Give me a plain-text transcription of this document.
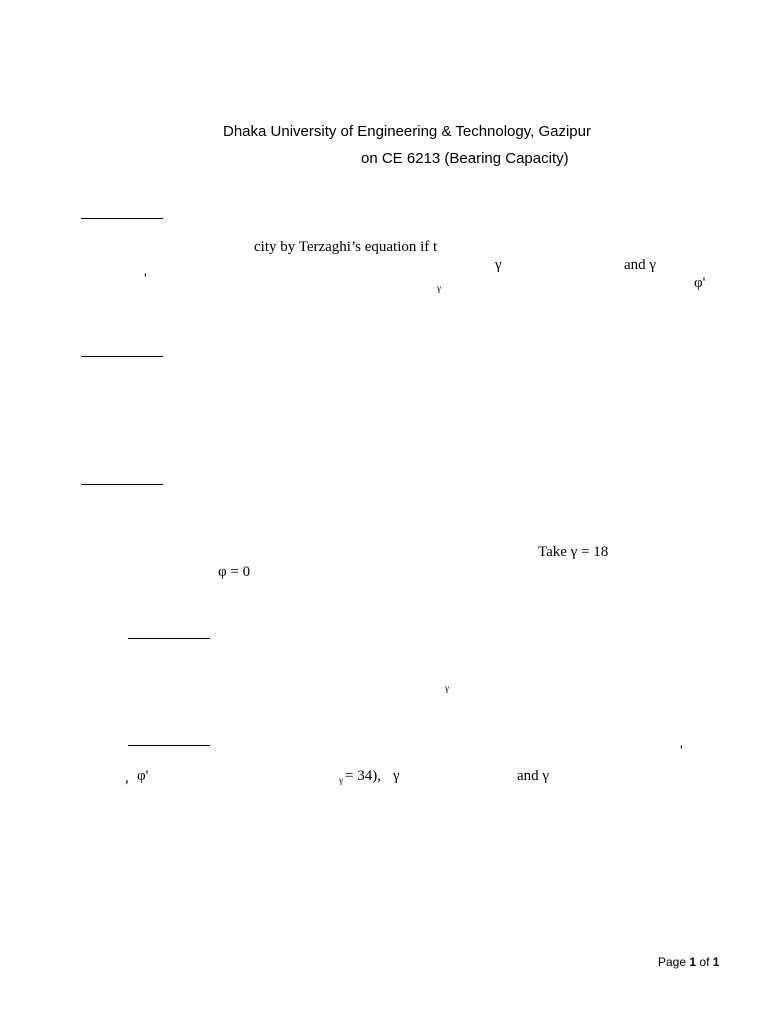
Dhaka University of Engineering & Technology, Gazipur
on CE 6213 (Bearing Capacity)
city by Terzaghi’s equation if t
γ	and γ
'
γ	φ'
Take γ = 18
φ = 0
γ
'
, φ'	γ = 34), γ	and γ
Page 1 of 1
